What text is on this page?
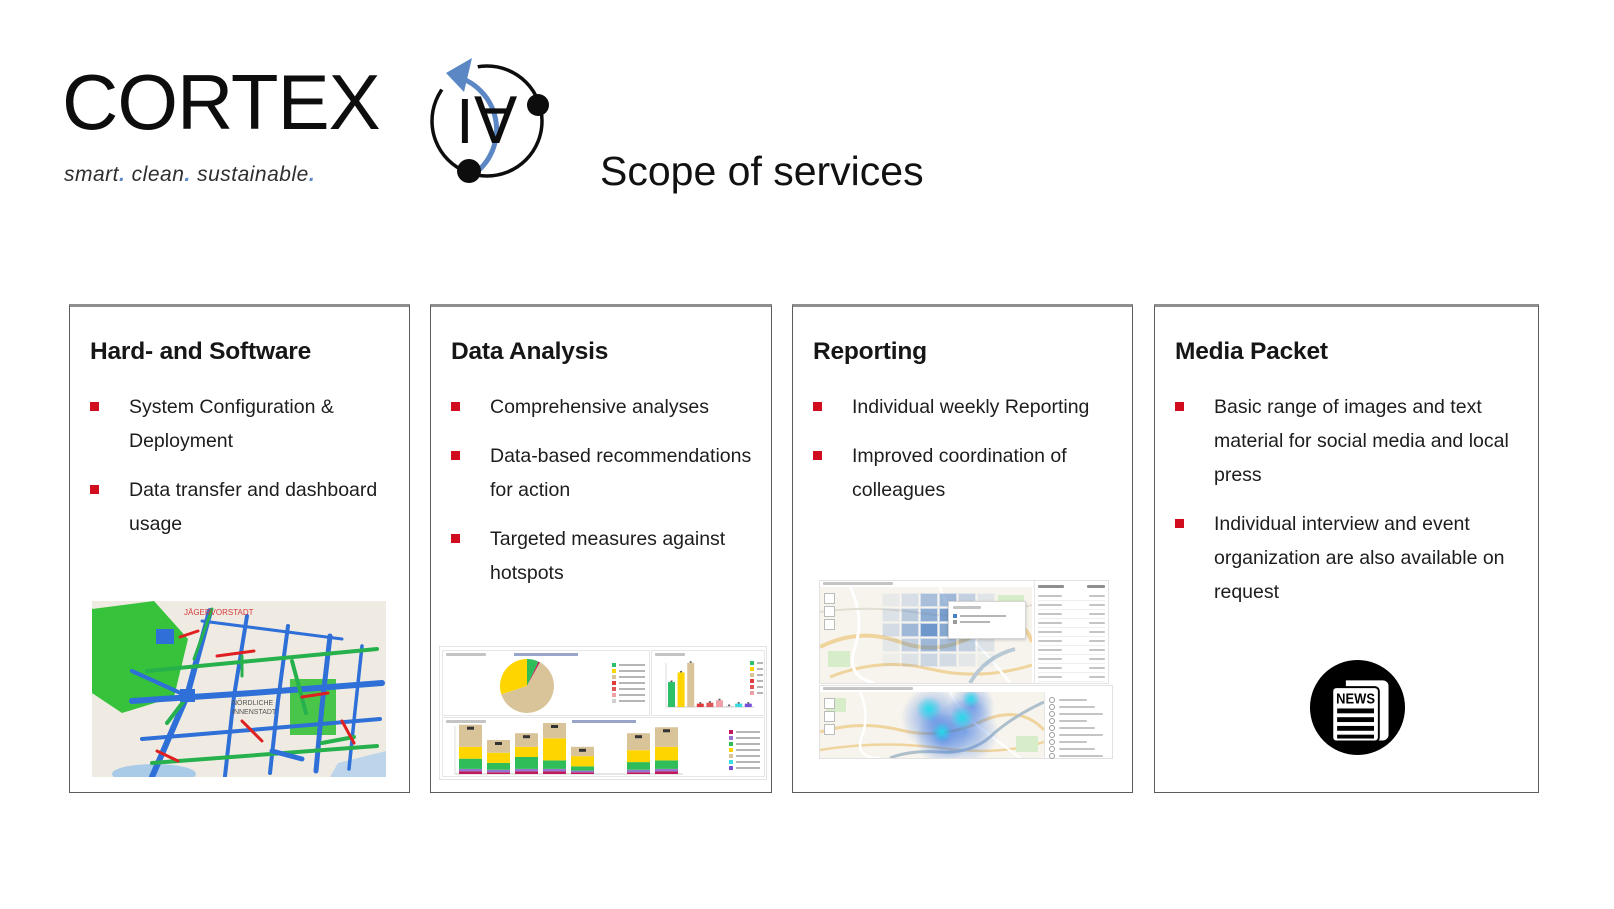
CORTEX I∀
smart. clean. sustainable.	Scope of services
Hard- and Software
System Configuration & Deployment
Data transfer and dashboard usage
JÄGERVORSTADT
NÖRDLICHE
INNENSTADT
Data Analysis
Comprehensive analyses
Data-based recommendations for action
Targeted measures against hotspots
Reporting
Individual weekly Reporting
Improved coordination of colleagues
Media Packet
Basic range of images and text material for social media and local press
Individual interview and event organization are also available on request
NEWS
